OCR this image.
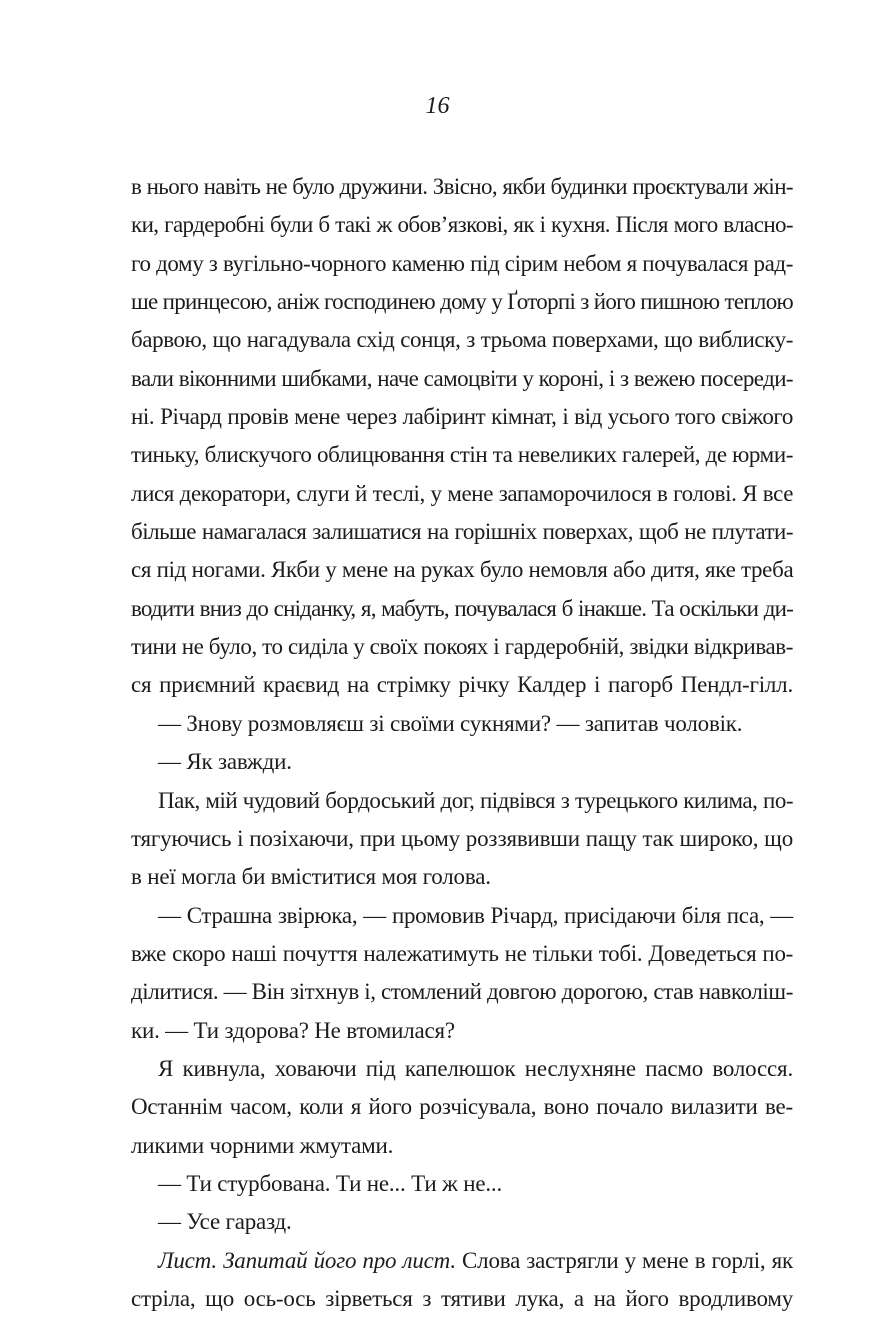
16
в нього навіть не було дружини. Звісно, якби будинки проєктували жін-
ки, гардеробні були б такі ж обов’язкові, як і кухня. Після мого власно-
го дому з вугільно-чорного каменю під сірим небом я почувалася рад-
ше принцесою, аніж господинею дому у Ґоторпі з його пишною теплою
барвою, що нагадувала схід сонця, з трьома поверхами, що виблиску-
вали віконними шибками, наче самоцвіти у короні, і з вежею посереди-
ні. Річард провів мене через лабіринт кімнат, і від усього того свіжого
тиньку, блискучого облицювання стін та невеликих галерей, де юрми-
лися декоратори, слуги й теслі, у мене запаморочилося в голові. Я все
більше намагалася залишатися на горішніх поверхах, щоб не плутати-
ся під ногами. Якби у мене на руках було немовля або дитя, яке треба
водити вниз до сніданку, я, мабуть, почувалася б інакше. Та оскільки ди-
тини не було, то сиділа у своїх покоях і гардеробній, звідки відкривав-
ся приємний краєвид на стрімку річку Калдер і пагорб Пендл-гілл.
— Знову розмовляєш зі своїми сукнями? — запитав чоловік.
— Як завжди.
Пак, мій чудовий бордоський дог, підвівся з турецького килима, по-
тягуючись і позіхаючи, при цьому роззявивши пащу так широко, що
в неї могла би вміститися моя голова.
— Страшна звірюка, — промовив Річард, присідаючи біля пса, —
вже скоро наші почуття належатимуть не тільки тобі. Доведеться по-
ділитися. — Він зітхнув і, стомлений довгою дорогою, став навколіш-
ки. — Ти здорова? Не втомилася?
Я кивнула, ховаючи під капелюшок неслухняне пасмо волосся.
Останнім часом, коли я його розчісувала, воно почало вилазити ве-
ликими чорними жмутами.
— Ти стурбована. Ти не... Ти ж не...
— Усе гаразд.
Лист. Запитай його про лист. Слова застрягли у мене в горлі, як
стріла, що ось-ось зірветься з тятиви лука, а на його вродливому
